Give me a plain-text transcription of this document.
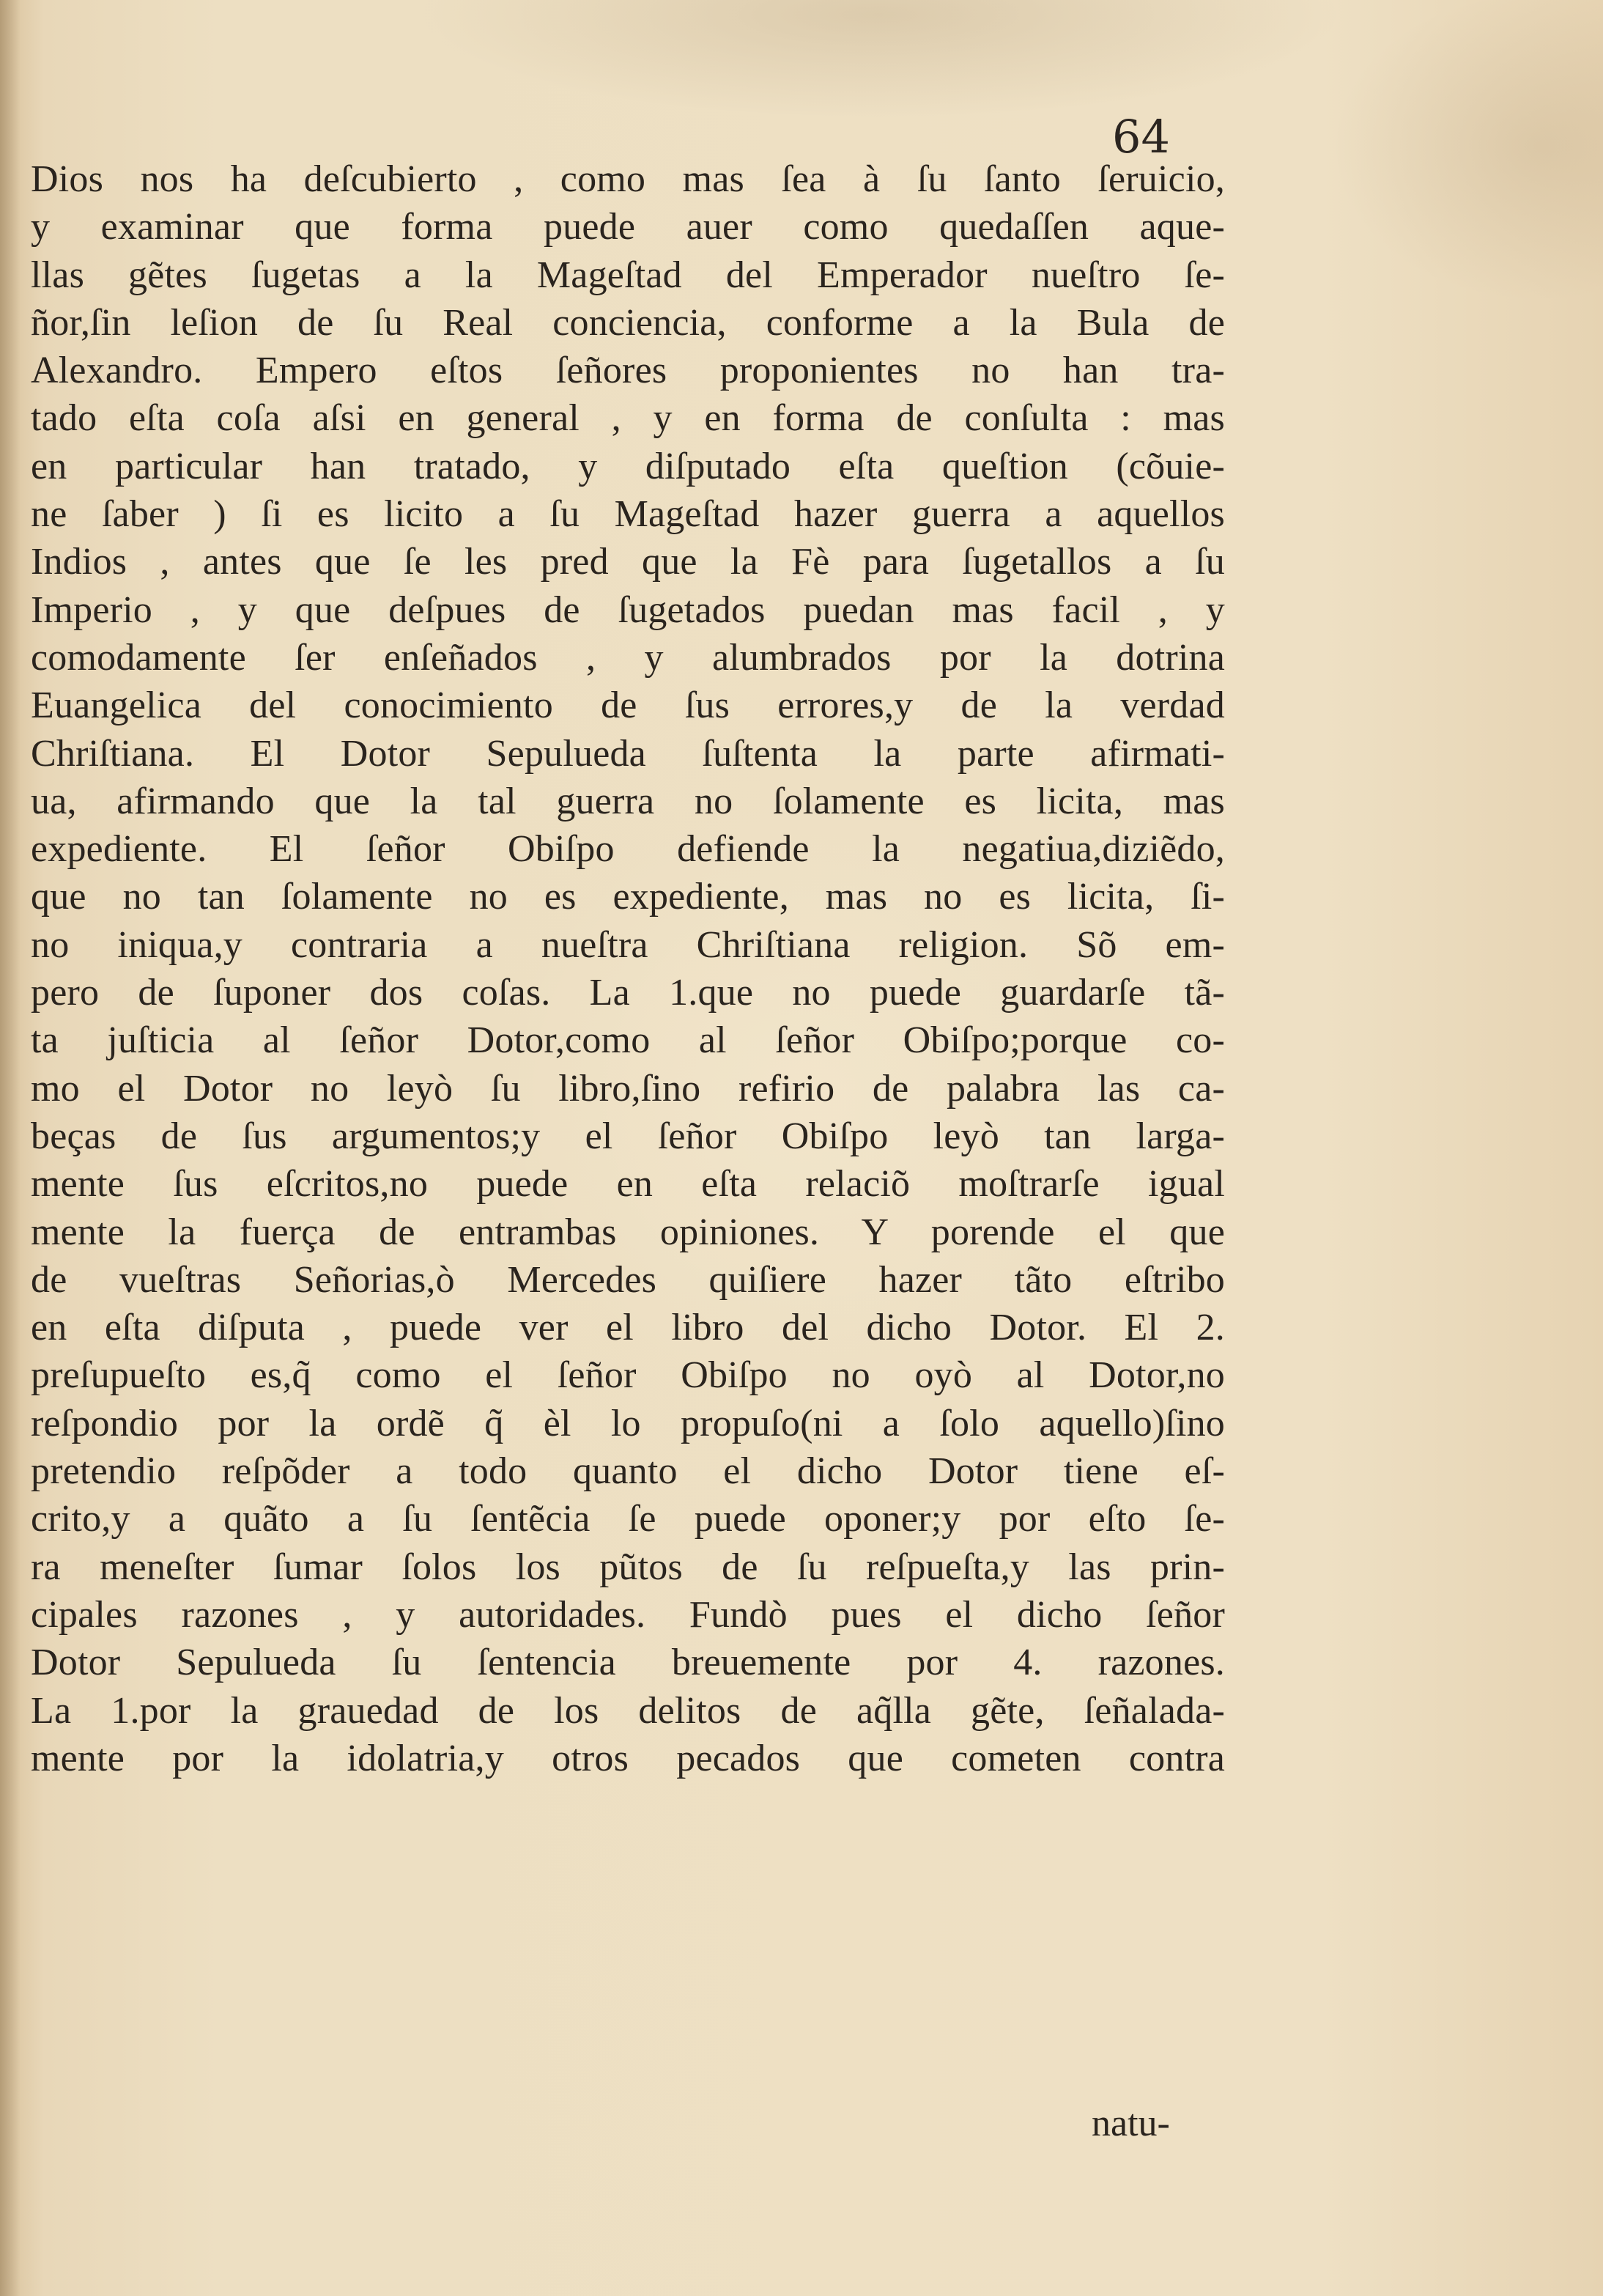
64
Dios nos ha deſcubierto , como mas ſea à ſu ſanto ſeruicio,
y examinar que forma puede auer como quedaſſen aque-
llas gẽtes ſugetas a la Mageſtad del Emperador nueſtro ſe-
ñor,ſin leſion de ſu Real conciencia, conforme a la Bula de
Alexandro. Empero eſtos ſeñores proponientes no han tra-
tado eſta coſa aſsi en general , y en forma de conſulta : mas
en particular han tratado, y diſputado eſta queſtion (cõuie-
ne ſaber ) ſi es licito a ſu Mageſtad hazer guerra a aquellos
Indios , antes que ſe les pred que la Fè para ſugetallos a ſu
Imperio , y que deſpues de ſugetados puedan mas facil , y
comodamente ſer enſeñados , y alumbrados por la dotrina
Euangelica del conocimiento de ſus errores,y de la verdad
Chriſtiana. El Dotor Sepulueda ſuſtenta la parte afirmati-
ua, afirmando que la tal guerra no ſolamente es licita, mas
expediente. El ſeñor Obiſpo defiende la negatiua,diziẽdo,
que no tan ſolamente no es expediente, mas no es licita, ſi-
no iniqua,y contraria a nueſtra Chriſtiana religion. Sõ em-
pero de ſuponer dos coſas. La 1.que no puede guardarſe tã-
ta juſticia al ſeñor Dotor,como al ſeñor Obiſpo;porque co-
mo el Dotor no leyò ſu libro,ſino refirio de palabra las ca-
beças de ſus argumentos;y el ſeñor Obiſpo leyò tan larga-
mente ſus eſcritos,no puede en eſta relaciõ moſtrarſe igual
mente la fuerça de entrambas opiniones. Y porende el que
de vueſtras Señorias,ò Mercedes quiſiere hazer tãto eſtribo
en eſta diſputa , puede ver el libro del dicho Dotor. El 2.
preſupueſto es,q̃ como el ſeñor Obiſpo no oyò al Dotor,no
reſpondio por la ordẽ q̃ èl lo propuſo(ni a ſolo aquello)ſino
pretendio reſpõder a todo quanto el dicho Dotor tiene eſ-
crito,y a quãto a ſu ſentẽcia ſe puede oponer;y por eſto ſe-
ra meneſter ſumar ſolos los pũtos de ſu reſpueſta,y las prin-
cipales razones , y autoridades. Fundò pues el dicho ſeñor
Dotor Sepulueda ſu ſentencia breuemente por 4. razones.
La 1.por la grauedad de los delitos de aq̃lla gẽte, ſeñalada-
mente por la idolatria,y otros pecados que cometen contra
natu-
